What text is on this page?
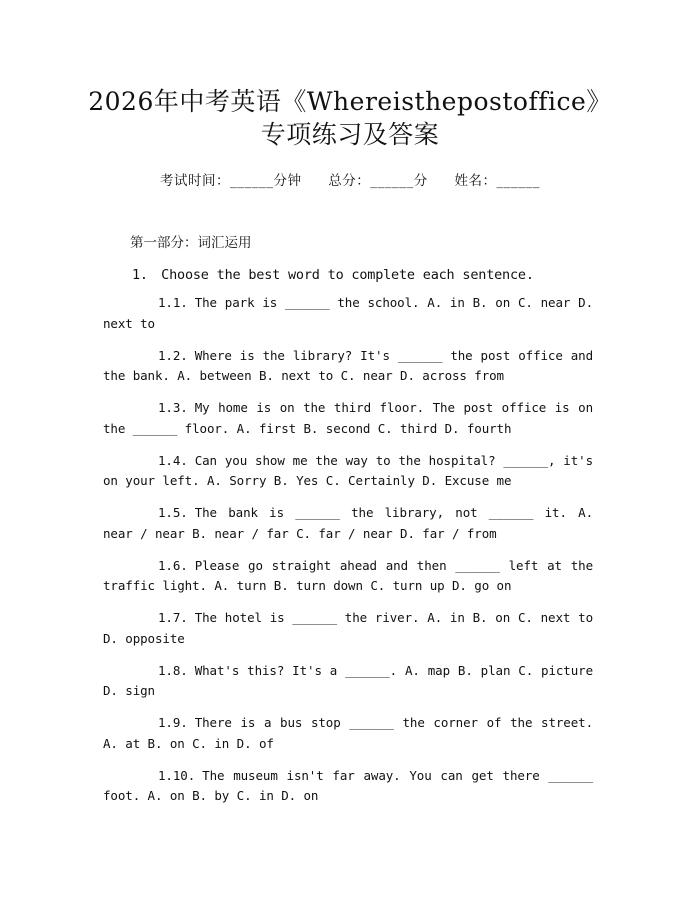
2026年中考英语《Whereisthepostoffice》
专项练习及答案
考试时间：______分钟 总分：______分 姓名：______
第一部分：词汇运用
1.　Choose the best word to complete each sentence.

1.1. The park is ______ the school. A. in B. on C. near D. next to

1.2. Where is the library? It's ______ the post office and the bank. A. between B. next to C. near D. across from

1.3. My home is on the third floor. The post office is on the ______ floor. A. first B. second C. third D. fourth

1.4. Can you show me the way to the hospital? ______, it's on your left. A. Sorry B. Yes C. Certainly D. Excuse me

1.5. The bank is ______ the library, not ______ it. A. near / near B. near / far C. far / near D. far / from

1.6. Please go straight ahead and then ______ left at the traffic light. A. turn B. turn down C. turn up D. go on

1.7. The hotel is ______ the river. A. in B. on C. next to D. opposite

1.8. What's this? It's a ______. A. map B. plan C. picture D. sign

1.9. There is a bus stop ______ the corner of the street. A. at B. on C. in D. of

1.10. The museum isn't far away. You can get there ______ foot. A. on B. by C. in D. on
